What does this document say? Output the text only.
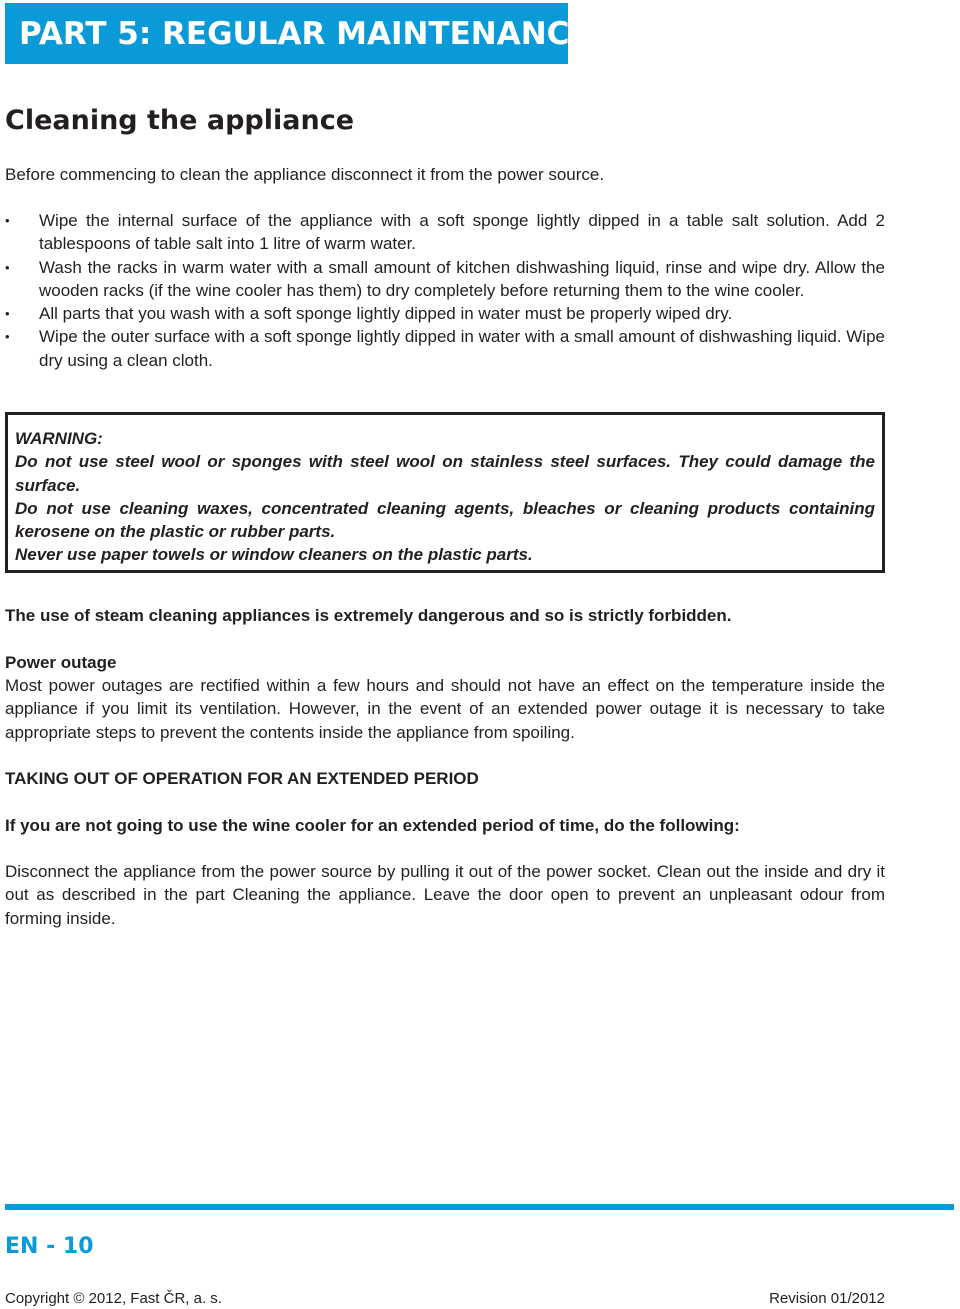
PART 5: REGULAR MAINTENANCE
Cleaning the appliance

Before commencing to clean the appliance disconnect it from the power source.

• Wipe the internal surface of the appliance with a soft sponge lightly dipped in a table salt solution. Add 2 tablespoons of table salt into 1 litre of warm water.
• Wash the racks in warm water with a small amount of kitchen dishwashing liquid, rinse and wipe dry. Allow the wooden racks (if the wine cooler has them) to dry completely before returning them to the wine cooler.
• All parts that you wash with a soft sponge lightly dipped in water must be properly wiped dry.
• Wipe the outer surface with a soft sponge lightly dipped in water with a small amount of dishwashing liquid. Wipe dry using a clean cloth.

WARNING:

Do not use steel wool or sponges with steel wool on stainless steel surfaces. They could damage the surface.

Do not use cleaning waxes, concentrated cleaning agents, bleaches or cleaning products containing kerosene on the plastic or rubber parts.

Never use paper towels or window cleaners on the plastic parts.

The use of steam cleaning appliances is extremely dangerous and so is strictly forbidden.

Power outage

Most power outages are rectified within a few hours and should not have an effect on the temperature inside the appliance if you limit its ventilation. However, in the event of an extended power outage it is necessary to take appropriate steps to prevent the contents inside the appliance from spoiling.

TAKING OUT OF OPERATION FOR AN EXTENDED PERIOD

If you are not going to use the wine cooler for an extended period of time, do the following:

Disconnect the appliance from the power source by pulling it out of the power socket. Clean out the inside and dry it out as described in the part Cleaning the appliance. Leave the door open to prevent an unpleasant odour from forming inside.

EN - 10

Copyright © 2012, Fast ČR, a. s.	Revision 01/2012
